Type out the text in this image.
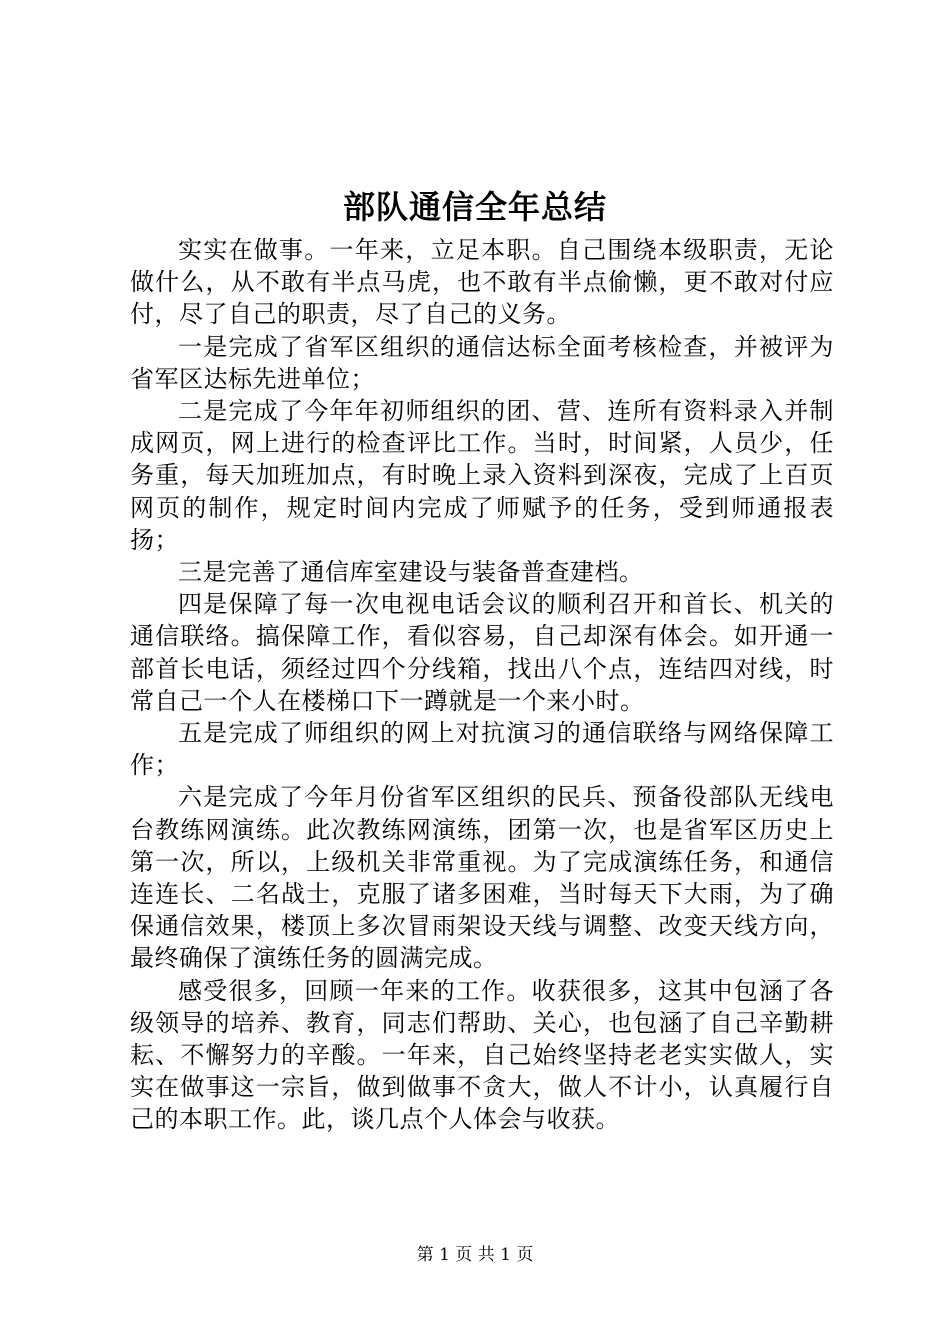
部队通信全年总结

实实在做事。一年来，立足本职。自己围绕本级职责，无论做什么，从不敢有半点马虎，也不敢有半点偷懒，更不敢对付应付，尽了自己的职责，尽了自己的义务。

一是完成了省军区组织的通信达标全面考核检查，并被评为省军区达标先进单位；

二是完成了今年年初师组织的团、营、连所有资料录入并制成网页，网上进行的检查评比工作。当时，时间紧，人员少，任务重，每天加班加点，有时晚上录入资料到深夜，完成了上百页网页的制作，规定时间内完成了师赋予的任务，受到师通报表扬；

三是完善了通信库室建设与装备普查建档。

四是保障了每一次电视电话会议的顺利召开和首长、机关的通信联络。搞保障工作，看似容易，自己却深有体会。如开通一部首长电话，须经过四个分线箱，找出八个点，连结四对线，时常自己一个人在楼梯口下一蹲就是一个来小时。

五是完成了师组织的网上对抗演习的通信联络与网络保障工作；

六是完成了今年月份省军区组织的民兵、预备役部队无线电台教练网演练。此次教练网演练，团第一次，也是省军区历史上第一次，所以，上级机关非常重视。为了完成演练任务，和通信连连长、二名战士，克服了诸多困难，当时每天下大雨，为了确保通信效果，楼顶上多次冒雨架设天线与调整、改变天线方向，最终确保了演练任务的圆满完成。

感受很多，回顾一年来的工作。收获很多，这其中包涵了各级领导的培养、教育，同志们帮助、关心，也包涵了自己辛勤耕耘、不懈努力的辛酸。一年来，自己始终坚持老老实实做人，实实在做事这一宗旨，做到做事不贪大，做人不计小，认真履行自己的本职工作。此，谈几点个人体会与收获。

第 1 页 共 1 页
